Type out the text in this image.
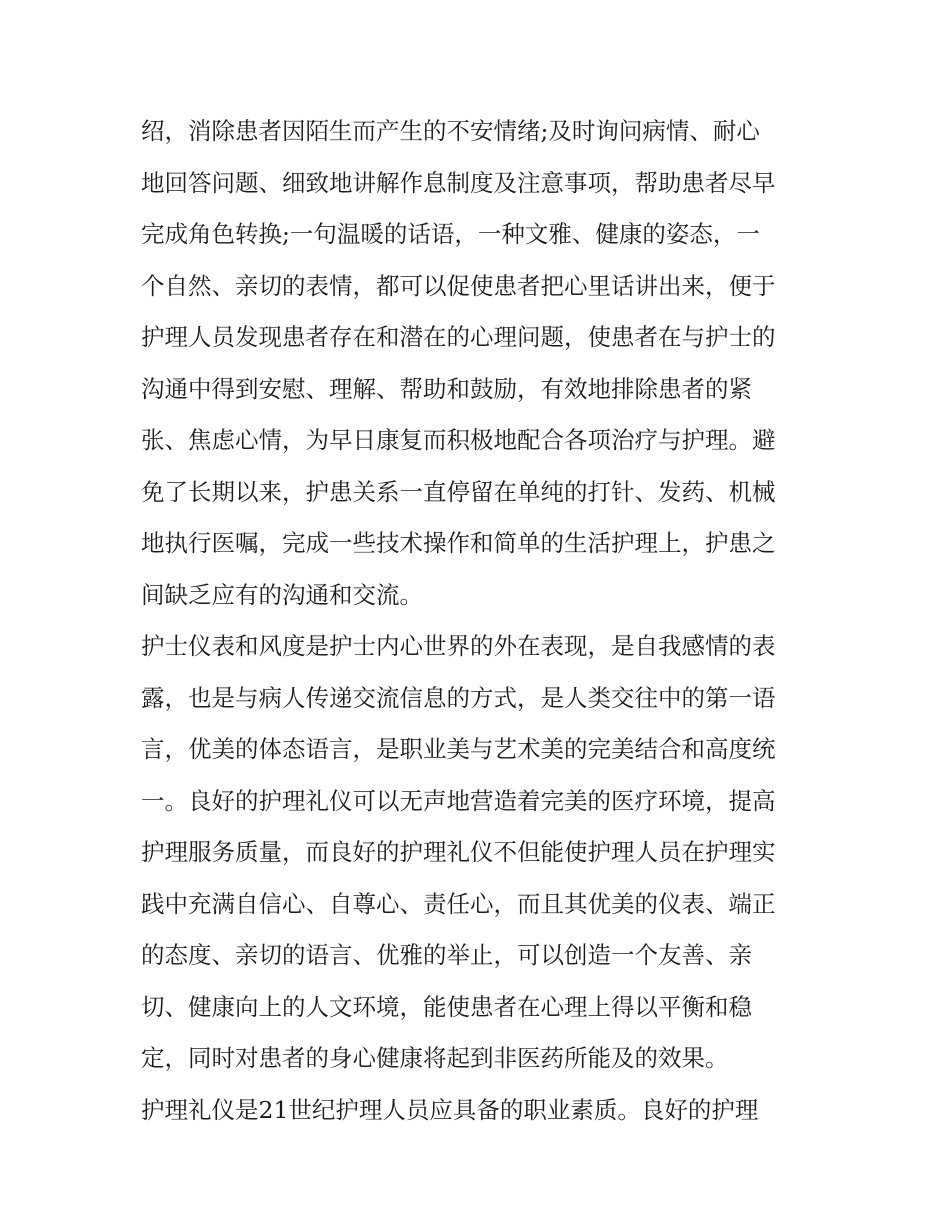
绍，消除患者因陌生而产生的不安情绪;及时询问病情、耐心
地回答问题、细致地讲解作息制度及注意事项，帮助患者尽早
完成角色转换;一句温暖的话语，一种文雅、健康的姿态，一
个自然、亲切的表情，都可以促使患者把心里话讲出来，便于
护理人员发现患者存在和潜在的心理问题，使患者在与护士的
沟通中得到安慰、理解、帮助和鼓励，有效地排除患者的紧
张、焦虑心情，为早日康复而积极地配合各项治疗与护理。避
免了长期以来，护患关系一直停留在单纯的打针、发药、机械
地执行医嘱，完成一些技术操作和简单的生活护理上，护患之
间缺乏应有的沟通和交流。
护士仪表和风度是护士内心世界的外在表现，是自我感情的表
露，也是与病人传递交流信息的方式，是人类交往中的第一语
言，优美的体态语言，是职业美与艺术美的完美结合和高度统
一。良好的护理礼仪可以无声地营造着完美的医疗环境，提高
护理服务质量，而良好的护理礼仪不但能使护理人员在护理实
践中充满自信心、自尊心、责任心，而且其优美的仪表、端正
的态度、亲切的语言、优雅的举止，可以创造一个友善、亲
切、健康向上的人文环境，能使患者在心理上得以平衡和稳
定，同时对患者的身心健康将起到非医药所能及的效果。
护理礼仪是21世纪护理人员应具备的职业素质。良好的护理
